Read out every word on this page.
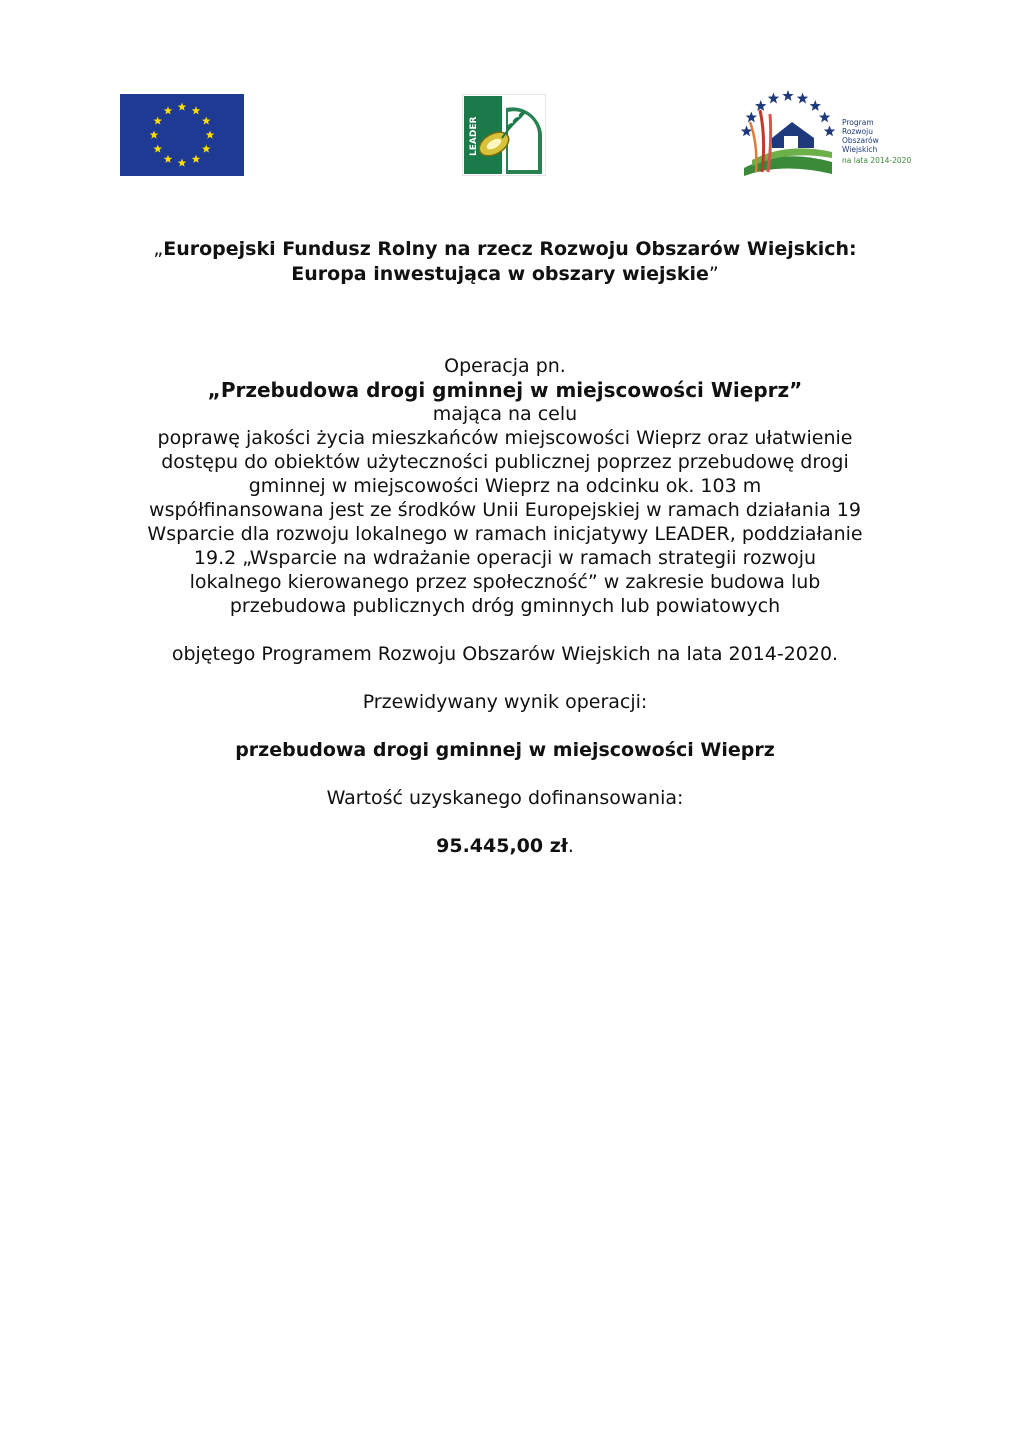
LEADER	Program
Rozwoju
Obszarów
Wiejskich
na lata 2014-2020
„Europejski Fundusz Rolny na rzecz Rozwoju Obszarów Wiejskich:
Europa inwestująca w obszary wiejskie”
Operacja pn.
„Przebudowa drogi gminnej w miejscowości Wieprz”
mająca na celu
poprawę jakości życia mieszkańców miejscowości Wieprz oraz ułatwienie
dostępu do obiektów użyteczności publicznej poprzez przebudowę drogi
gminnej w miejscowości Wieprz na odcinku ok. 103 m
współfinansowana jest ze środków Unii Europejskiej w ramach działania 19
Wsparcie dla rozwoju lokalnego w ramach inicjatywy LEADER, poddziałanie
19.2 „Wsparcie na wdrażanie operacji w ramach strategii rozwoju
lokalnego kierowanego przez społeczność” w zakresie budowa lub
przebudowa publicznych dróg gminnych lub powiatowych
objętego Programem Rozwoju Obszarów Wiejskich na lata 2014-2020.
Przewidywany wynik operacji:
przebudowa drogi gminnej w miejscowości Wieprz
Wartość uzyskanego dofinansowania:
95.445,00 zł.
